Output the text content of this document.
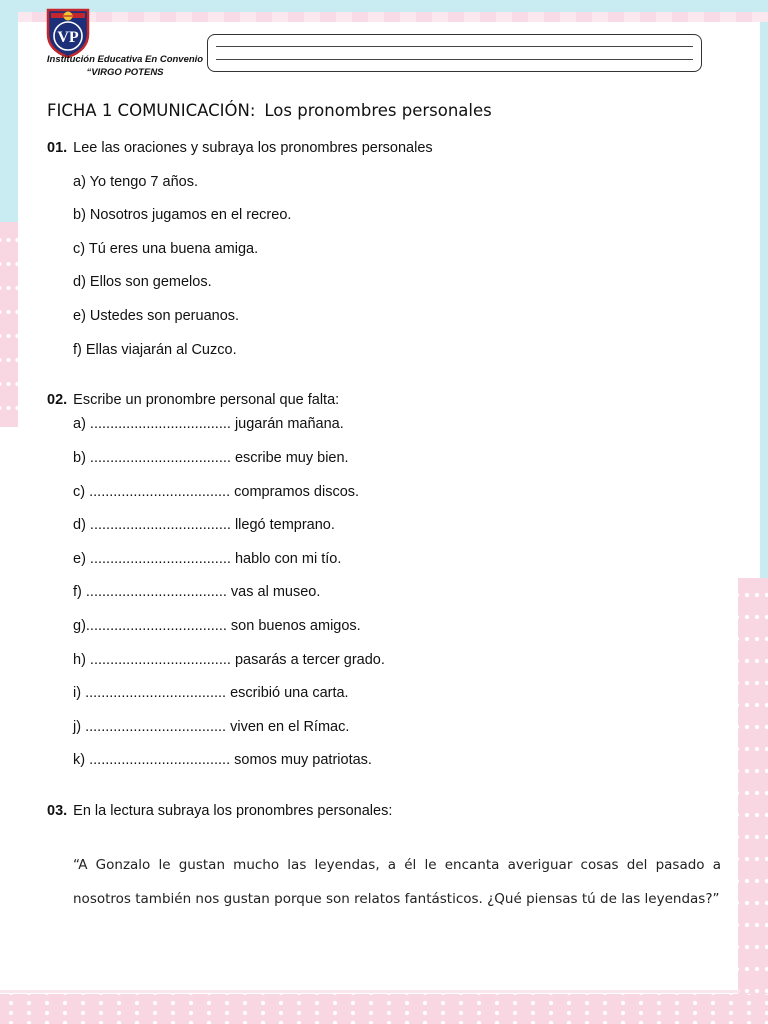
VP
Institución Educativa En Convenio
“VIRGO POTENS
FICHA 1 COMUNICACIÓN: Los pronombres personales
01. Lee las oraciones y subraya los pronombres personales
a) Yo tengo 7 años.
b) Nosotros jugamos en el recreo.
c) Tú eres una buena amiga.
d) Ellos son gemelos.
e) Ustedes son peruanos.
f) Ellas viajarán al Cuzco.
02. Escribe un pronombre personal que falta:
a) ................................... jugarán mañana.
b) ................................... escribe muy bien.
c) ................................... compramos discos.
d) ................................... llegó temprano.
e) ................................... hablo con mi tío.
f) ................................... vas al museo.
g)................................... son buenos amigos.
h) ................................... pasarás a tercer grado.
i) ................................... escribió una carta.
j) ................................... viven en el Rímac.
k) ................................... somos muy patriotas.
03. En la lectura subraya los pronombres personales:
“A Gonzalo le gustan mucho las leyendas, a él le encanta averiguar cosas del pasado a
nosotros también nos gustan porque son relatos fantásticos. ¿Qué piensas tú de las leyendas?”
